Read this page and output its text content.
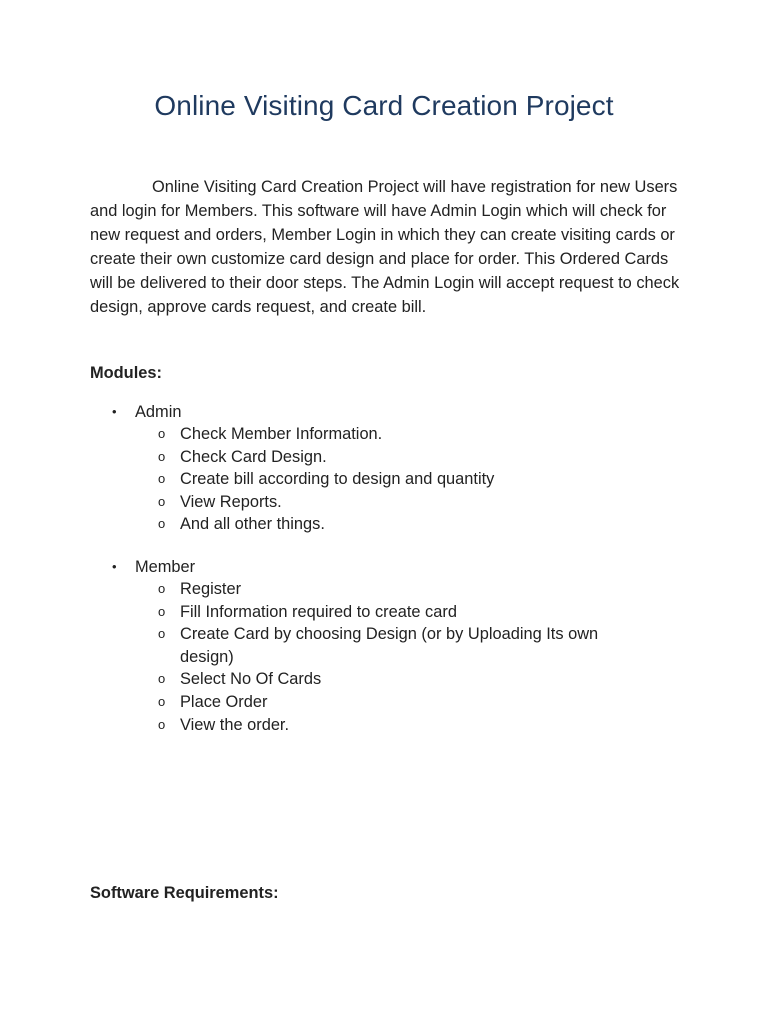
Online Visiting Card Creation Project

Online Visiting Card Creation Project will have registration for new Users and login for Members. This software will have Admin Login which will check for new request and orders, Member Login in which they can create visiting cards or create their own customize card design and place for order. This Ordered Cards will be delivered to their door steps. The Admin Login will accept request to check design, approve cards request, and create bill.

Modules:

• Admin
o Check Member Information.
o Check Card Design.
o Create bill according to design and quantity
o View Reports.
o And all other things.
• Member
o Register
o Fill Information required to create card
o Create Card by choosing Design (or by Uploading Its own design)
o Select No Of Cards
o Place Order
o View the order.

Software Requirements:
